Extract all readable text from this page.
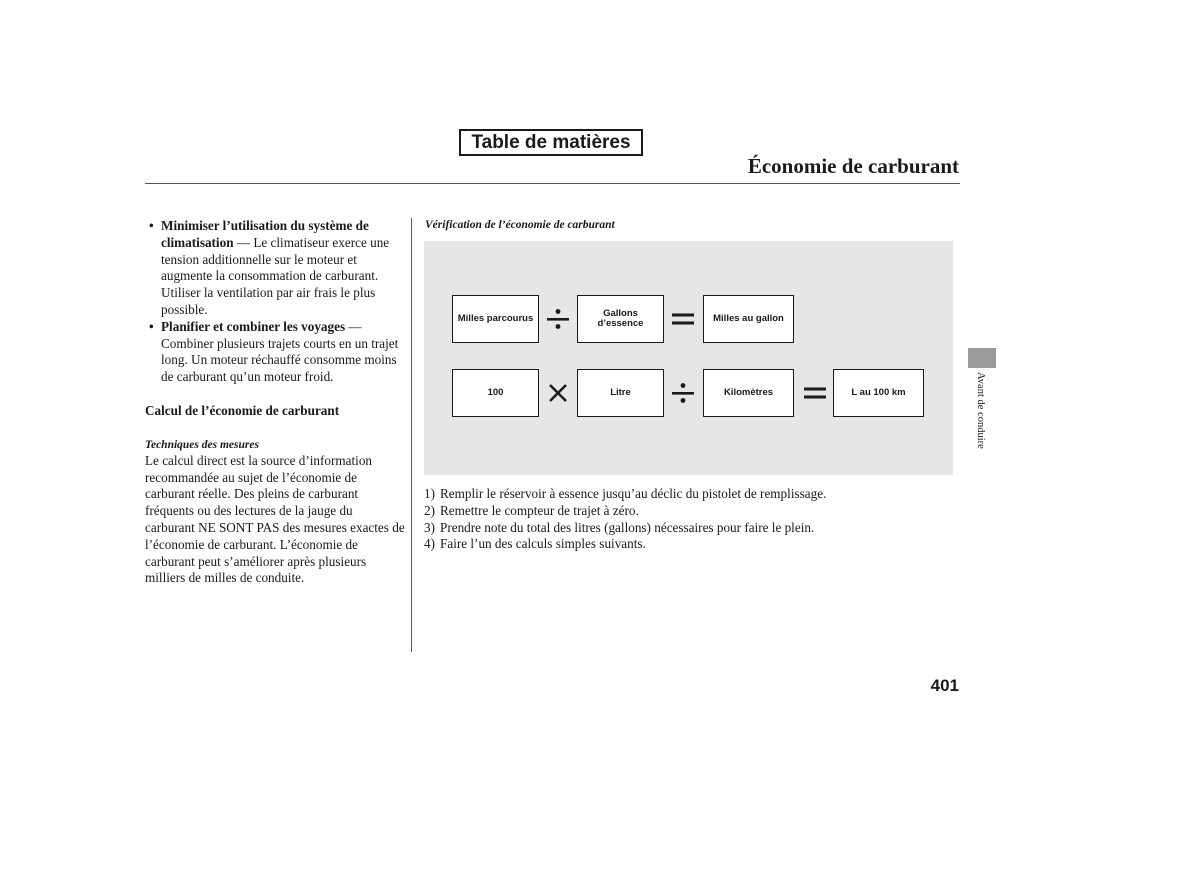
Table de matières
Économie de carburant
• Minimiser l’utilisation du système de climatisation — Le climatiseur exerce une tension additionnelle sur le moteur et augmente la consommation de carburant. Utiliser la ventilation par air frais le plus possible.
• Planifier et combiner les voyages — Combiner plusieurs trajets courts en un trajet long. Un moteur réchauffé consomme moins de carburant qu’un moteur froid.
Calcul de l’économie de carburant
Techniques des mesures
Le calcul direct est la source d’information recommandée au sujet de l’économie de carburant réelle. Des pleins de carburant fréquents ou des lectures de la jauge du carburant NE SONT PAS des mesures exactes de l’économie de carburant. L’économie de carburant peut s’améliorer après plusieurs milliers de milles de conduite.
Vérification de l’économie de carburant
Milles parcourus	Gallons
d’essence	Milles au gallon
100	Litre	Kilomètres	L au 100 km
1) Remplir le réservoir à essence jusqu’au déclic du pistolet de remplissage.
2) Remettre le compteur de trajet à zéro.
3) Prendre note du total des litres (gallons) nécessaires pour faire le plein.
4) Faire l’un des calculs simples suivants.
Avant de conduire
401
